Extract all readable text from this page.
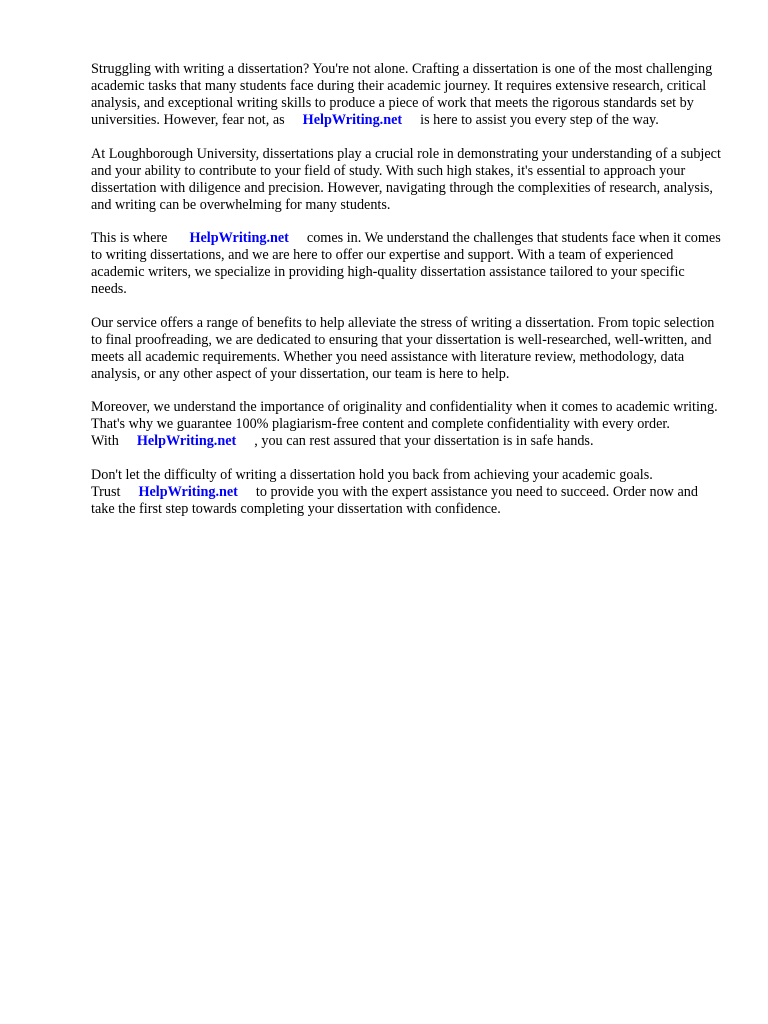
Struggling with writing a dissertation? You're not alone. Crafting a dissertation is one of the most challenging academic tasks that many students face during their academic journey. It requires extensive research, critical analysis, and exceptional writing skills to produce a piece of work that meets the rigorous standards set by universities. However, fear not, as HelpWriting.net is here to assist you every step of the way.

At Loughborough University, dissertations play a crucial role in demonstrating your understanding of a subject and your ability to contribute to your field of study. With such high stakes, it's essential to approach your dissertation with diligence and precision. However, navigating through the complexities of research, analysis, and writing can be overwhelming for many students.

This is where HelpWriting.net comes in. We understand the challenges that students face when it comes to writing dissertations, and we are here to offer our expertise and support. With a team of experienced academic writers, we specialize in providing high-quality dissertation assistance tailored to your specific needs.

Our service offers a range of benefits to help alleviate the stress of writing a dissertation. From topic selection to final proofreading, we are dedicated to ensuring that your dissertation is well-researched, well-written, and meets all academic requirements. Whether you need assistance with literature review, methodology, data analysis, or any other aspect of your dissertation, our team is here to help.

Moreover, we understand the importance of originality and confidentiality when it comes to academic writing. That's why we guarantee 100% plagiarism-free content and complete confidentiality with every order. With HelpWriting.net , you can rest assured that your dissertation is in safe hands.

Don't let the difficulty of writing a dissertation hold you back from achieving your academic goals. Trust HelpWriting.net to provide you with the expert assistance you need to succeed. Order now and take the first step towards completing your dissertation with confidence.
